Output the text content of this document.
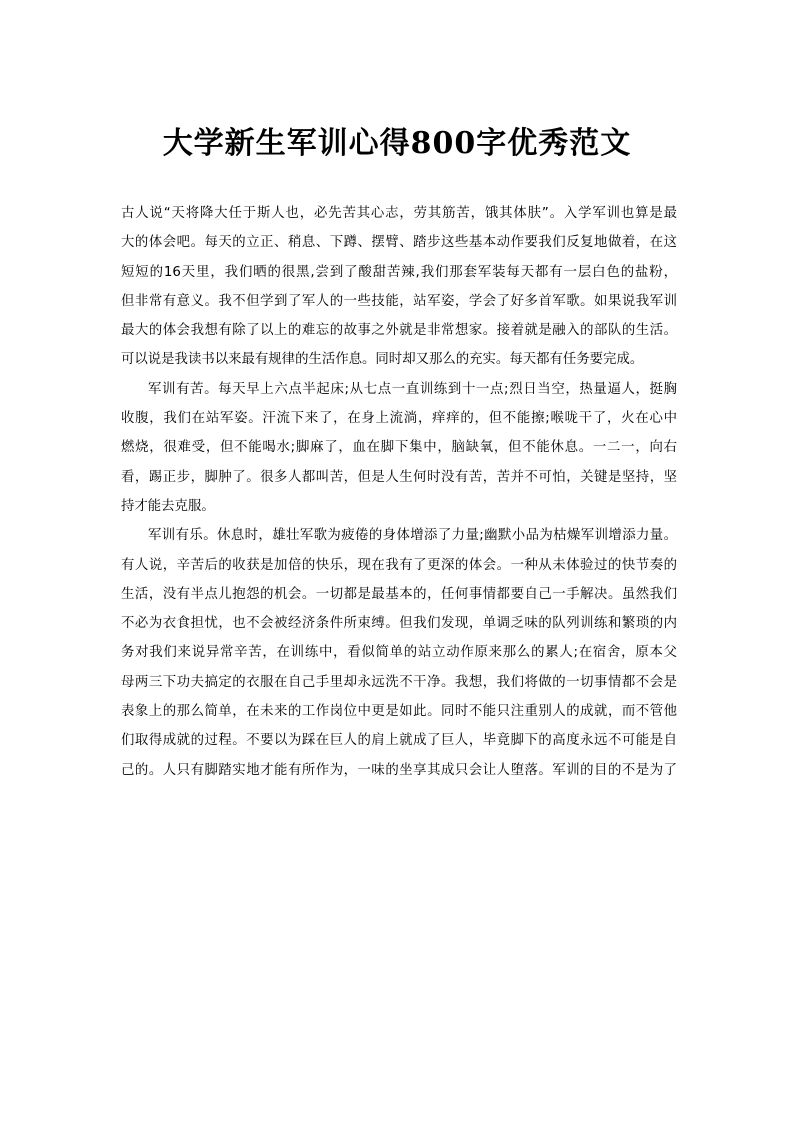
大学新生军训心得800字优秀范文
古人说“天将降大任于斯人也，必先苦其心志，劳其筋苦，饿其体肤”。入学军训也算是最
大的体会吧。每天的立正、稍息、下蹲、摆臂、踏步这些基本动作要我们反复地做着，在这
短短的16天里，我们晒的很黑,尝到了酸甜苦辣,我们那套军装每天都有一层白色的盐粉，
但非常有意义。我不但学到了军人的一些技能，站军姿，学会了好多首军歌。如果说我军训
最大的体会我想有除了以上的难忘的故事之外就是非常想家。接着就是融入的部队的生活。
可以说是我读书以来最有规律的生活作息。同时却又那么的充实。每天都有任务要完成。
军训有苦。每天早上六点半起床;从七点一直训练到十一点;烈日当空，热量逼人，挺胸
收腹，我们在站军姿。汗流下来了，在身上流淌，痒痒的，但不能擦;喉咙干了，火在心中
燃烧，很难受，但不能喝水;脚麻了，血在脚下集中，脑缺氧，但不能休息。一二一，向右
看，踢正步，脚肿了。很多人都叫苦，但是人生何时没有苦，苦并不可怕，关键是坚持，坚
持才能去克服。
军训有乐。休息时，雄壮军歌为疲倦的身体增添了力量;幽默小品为枯燥军训增添力量。
有人说，辛苦后的收获是加倍的快乐，现在我有了更深的体会。一种从未体验过的快节奏的
生活，没有半点儿抱怨的机会。一切都是最基本的，任何事情都要自己一手解决。虽然我们
不必为衣食担忧，也不会被经济条件所束缚。但我们发现，单调乏味的队列训练和繁琐的内
务对我们来说异常辛苦，在训练中，看似简单的站立动作原来那么的累人;在宿舍，原本父
母两三下功夫搞定的衣服在自己手里却永远洗不干净。我想，我们将做的一切事情都不会是
表象上的那么简单，在未来的工作岗位中更是如此。同时不能只注重别人的成就，而不管他
们取得成就的过程。不要以为踩在巨人的肩上就成了巨人，毕竟脚下的高度永远不可能是自
己的。人只有脚踏实地才能有所作为，一味的坐享其成只会让人堕落。军训的目的不是为了
